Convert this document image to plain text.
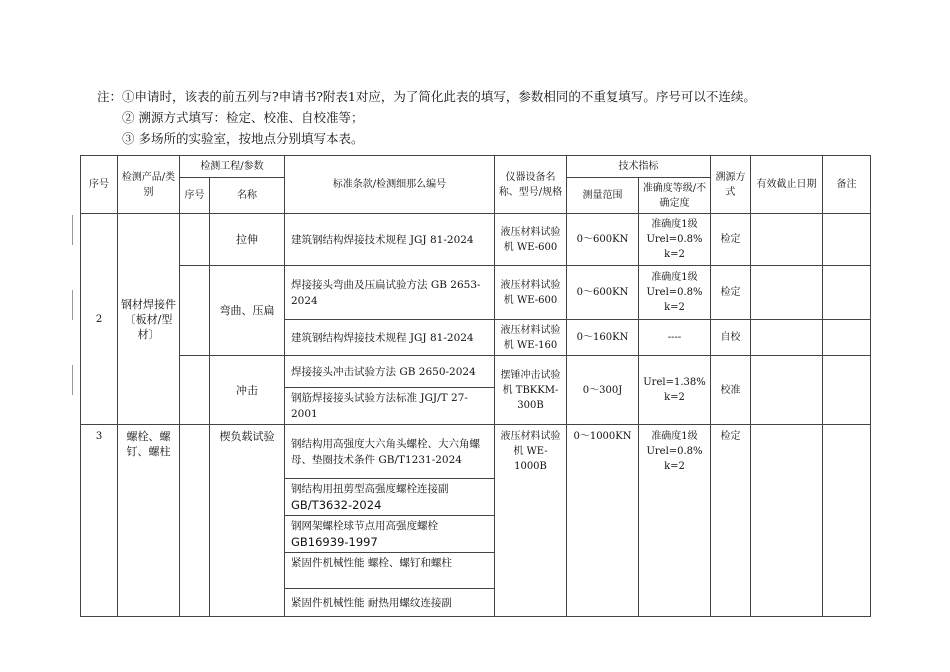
注：①申请时，该表的前五列与?申请书?附表1对应，为了简化此表的填写，参数相同的不重复填写。序号可以不连续。
② 溯源方式填写：检定、校准、自校准等；
③ 多场所的实验室，按地点分别填写本表。
序号	检测产品/类别	检测工程/参数		标准条款/检测细那么编号	仪器设备名称、型号/规格	技术指标		溯源方式	有效截止日期	备注
		序号	名称			测量范围	准确度等级/不确定度			
2	钢材焊接件〔板材/型材〕		拉伸	建筑钢结构焊接技术规程 JGJ 81-2024	液压材料试验机 WE-600	0～600KN	准确度1级 Urel=0.8% k=2	检定		
			弯曲、压扁	焊接接头弯曲及压扁试验方法 GB 2653-2024	液压材料试验机 WE-600	0～600KN	准确度1级 Urel=0.8% k=2	检定		
				建筑钢结构焊接技术规程 JGJ 81-2024	液压材料试验机 WE-160	0～160KN	----	自校		
			冲击	焊接接头冲击试验方法 GB 2650-2024	摆锤冲击试验机 TBKKM-300B	0～300J	Urel=1.38% k=2	校准		
				钢筋焊接接头试验方法标准 JGJ/T 27-2001						
3	螺栓、螺钉、螺柱		楔负载试验	钢结构用高强度大六角头螺栓、大六角螺母、垫圈技术条件 GB/T1231-2024	液压材料试验机 WE-1000B	0～1000KN	准确度1级 Urel=0.8% k=2	检定		

				钢结构用扭剪型高强度螺栓连接副
GB/T3632-2024						

				钢网架螺栓球节点用高强度螺栓
GB16939-1997						

				紧固件机械性能 螺栓、螺钉和螺柱						
				紧固件机械性能 耐热用螺纹连接副						
